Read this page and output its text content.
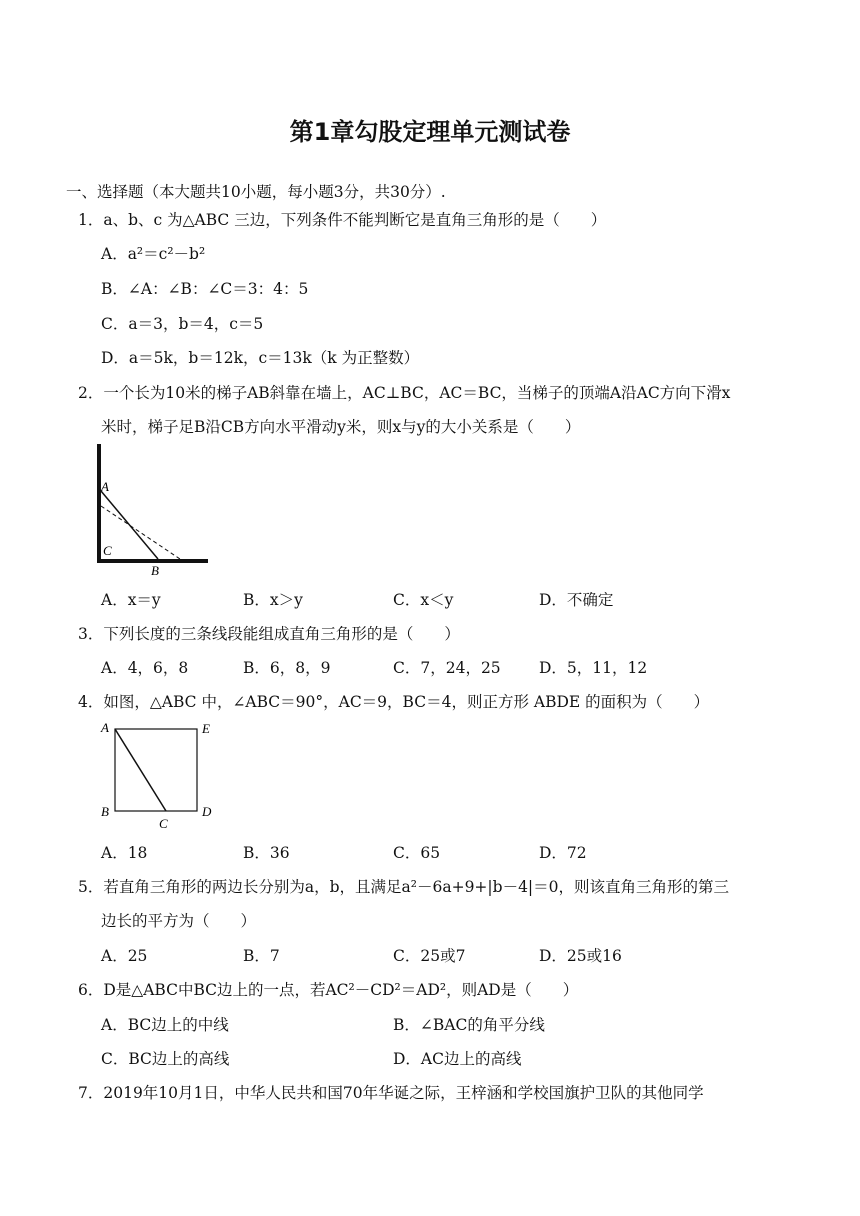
第1章勾股定理单元测试卷
一、选择题（本大题共10小题，每小题3分，共30分）.
1．a、b、c 为△ABC 三边，下列条件不能判断它是直角三角形的是（　　）
A．a²＝c²－b²
B．∠A：∠B：∠C＝3：4：5
C．a＝3，b＝4，c＝5
D．a＝5k，b＝12k，c＝13k（k 为正整数）
2．一个长为10米的梯子AB斜靠在墙上，AC⊥BC，AC＝BC，当梯子的顶端A沿AC方向下滑x
米时，梯子足B沿CB方向水平滑动y米，则x与y的大小关系是（　　）
A
C
B
A．x＝y	B．x＞y	C．x＜y	D．不确定
3．下列长度的三条线段能组成直角三角形的是（　　）
A．4，6，8	B．6，8，9	C．7，24，25 D．5，11，12
4．如图，△ABC 中，∠ABC＝90°，AC＝9，BC＝4，则正方形 ABDE 的面积为（　　）
A	E
B	D
C
A．18	B．36	C．65	D．72
5．若直角三角形的两边长分别为a，b，且满足a²－6a+9+|b－4|＝0，则该直角三角形的第三
边长的平方为（　　）
A．25	B．7	C．25或7	D．25或16
6．D是△ABC中BC边上的一点，若AC²－CD²＝AD²，则AD是（　　）
A．BC边上的中线	B．∠BAC的角平分线
C．BC边上的高线	D．AC边上的高线
7．2019年10月1日，中华人民共和国70年华诞之际，王梓涵和学校国旗护卫队的其他同学
